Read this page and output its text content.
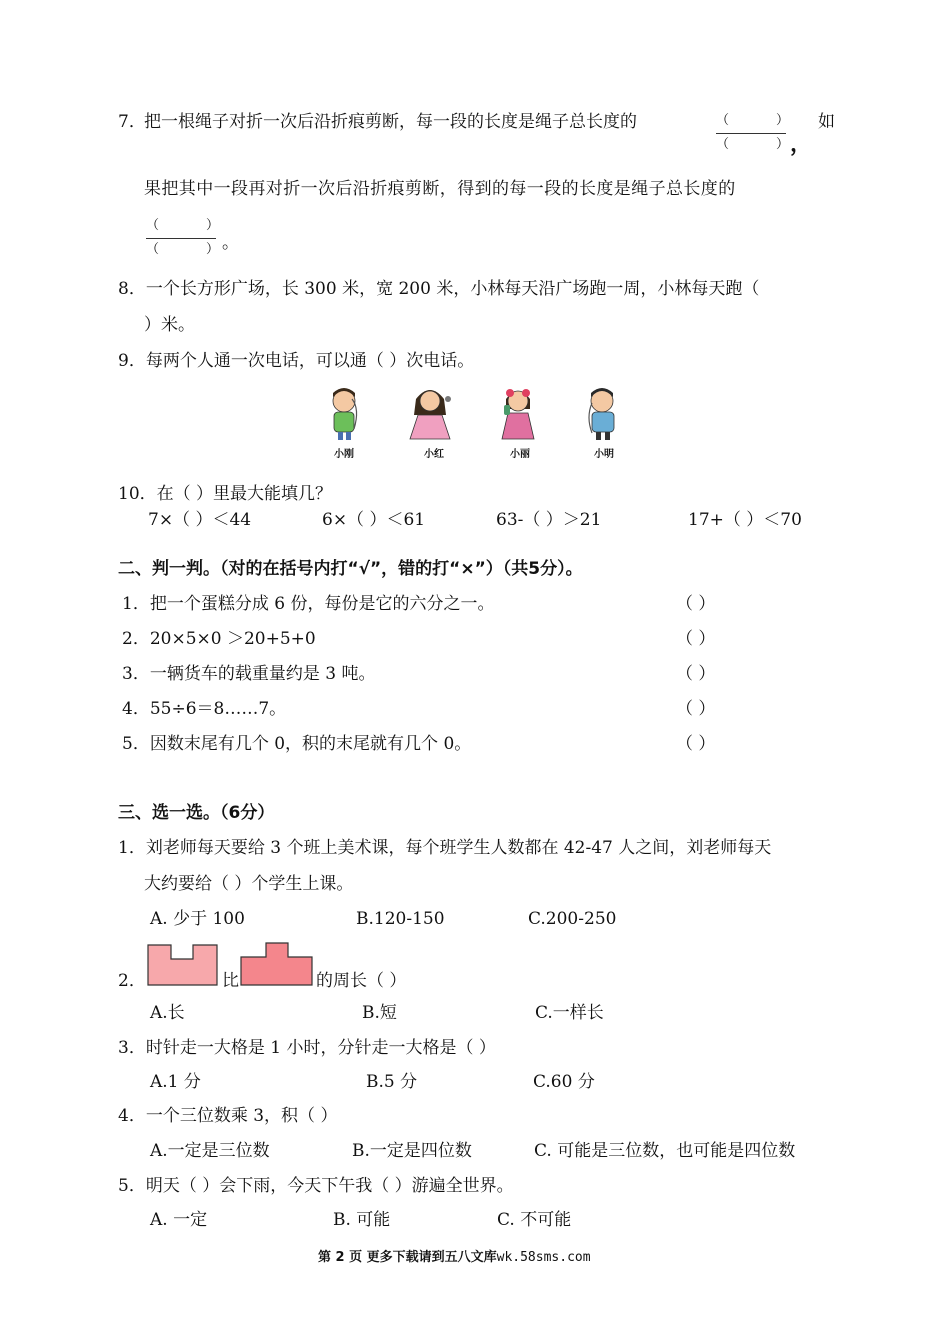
7．
把一根绳子对折一次后沿折痕剪断，每一段的长度是绳子总长度的	（	）
（	） ，
如
果把其中一段再对折一次后沿折痕剪断，得到的每一段的长度是绳子总长度的
（	）
（	） 。
8．一个长方形广场，长 300 米，宽 200 米，小林每天沿广场跑一周，小林每天跑（
）米。
9．每两个人通一次电话，可以通（ ）次电话。
小刚	小红	小丽	小明
10．在（ ）里最大能填几？
7×（ ）＜44	6×（ ）＜61	63-（ ）＞21	17+（ ）＜70
二、判一判。（对的在括号内打“√”，错的打“×”）（共5分）。
1．把一个蛋糕分成 6 份，每份是它的六分之一。	（ ）
2．20×5×0 ＞20+5+0	（ ）
3．一辆货车的载重量约是 3 吨。	（ ）
4．55÷6＝8……7。	（ ）
5．因数末尾有几个 0，积的末尾就有几个 0。	（ ）
三、选一选。（6分）
1．刘老师每天要给 3 个班上美术课，每个班学生人数都在 42-47 人之间，刘老师每天
大约要给（ ）个学生上课。
A. 少于 100	B.120-150	C.200-250
2．	比	的周长（ ）
A.长	B.短	C.一样长
3．时针走一大格是 1 小时，分针走一大格是（ ）
A.1 分	B.5 分	C.60 分
4．一个三位数乘 3，积（ ）
A.一定是三位数	B.一定是四位数	C. 可能是三位数，也可能是四位数
5．明天（ ）会下雨，今天下午我（ ）游遍全世界。
A. 一定	B. 可能	C. 不可能
第 2 页 更多下载请到五八文库wk.58sms.com
